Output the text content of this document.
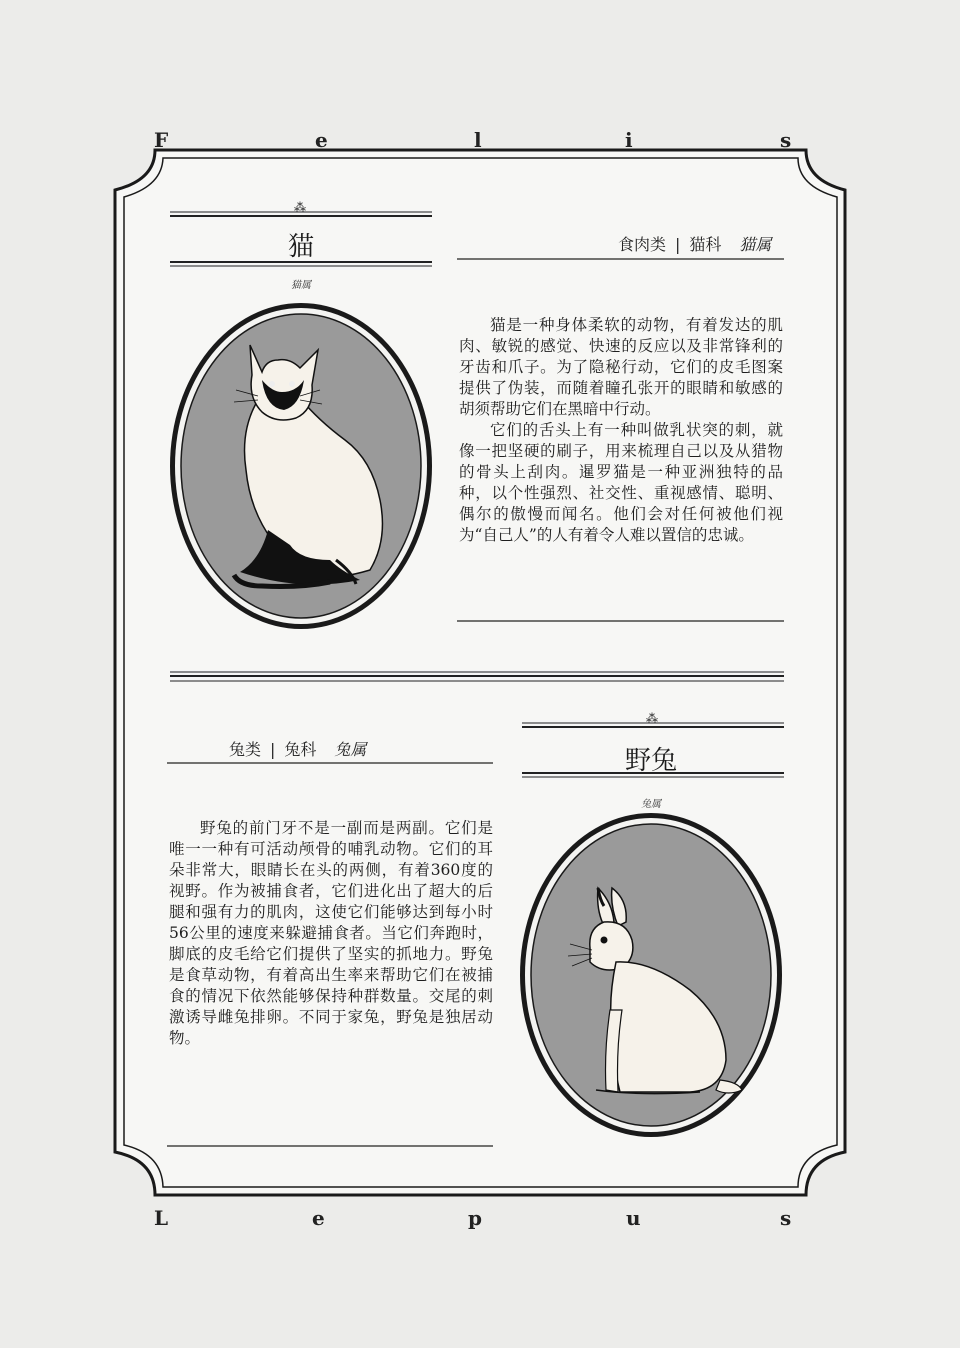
⁂
⁂
F	e	l	i	s
L	e	p	u	s
猫
猫属
食肉类 | 猫科 猫属

猫是一种身体柔软的动物，有着发达的肌肉、敏锐的感觉、快速的反应以及非常锋利的牙齿和爪子。为了隐秘行动，它们的皮毛图案提供了伪装，而随着瞳孔张开的眼睛和敏感的胡须帮助它们在黑暗中行动。

它们的舌头上有一种叫做乳状突的刺，就像一把坚硬的刷子，用来梳理自己以及从猎物的骨头上刮肉。暹罗猫是一种亚洲独特的品种，以个性强烈、社交性、重视感情、聪明、偶尔的傲慢而闻名。他们会对任何被他们视为“自己人”的人有着令人难以置信的忠诚。

野兔
兔属
兔类 | 兔科 兔属

野兔的前门牙不是一副而是两副。它们是唯一一种有可活动颅骨的哺乳动物。它们的耳朵非常大，眼睛长在头的两侧，有着360度的视野。作为被捕食者，它们进化出了超大的后腿和强有力的肌肉，这使它们能够达到每小时56公里的速度来躲避捕食者。当它们奔跑时，脚底的皮毛给它们提供了坚实的抓地力。野兔是食草动物，有着高出生率来帮助它们在被捕食的情况下依然能够保持种群数量。交尾的刺激诱导雌兔排卵。不同于家兔，野兔是独居动物。
